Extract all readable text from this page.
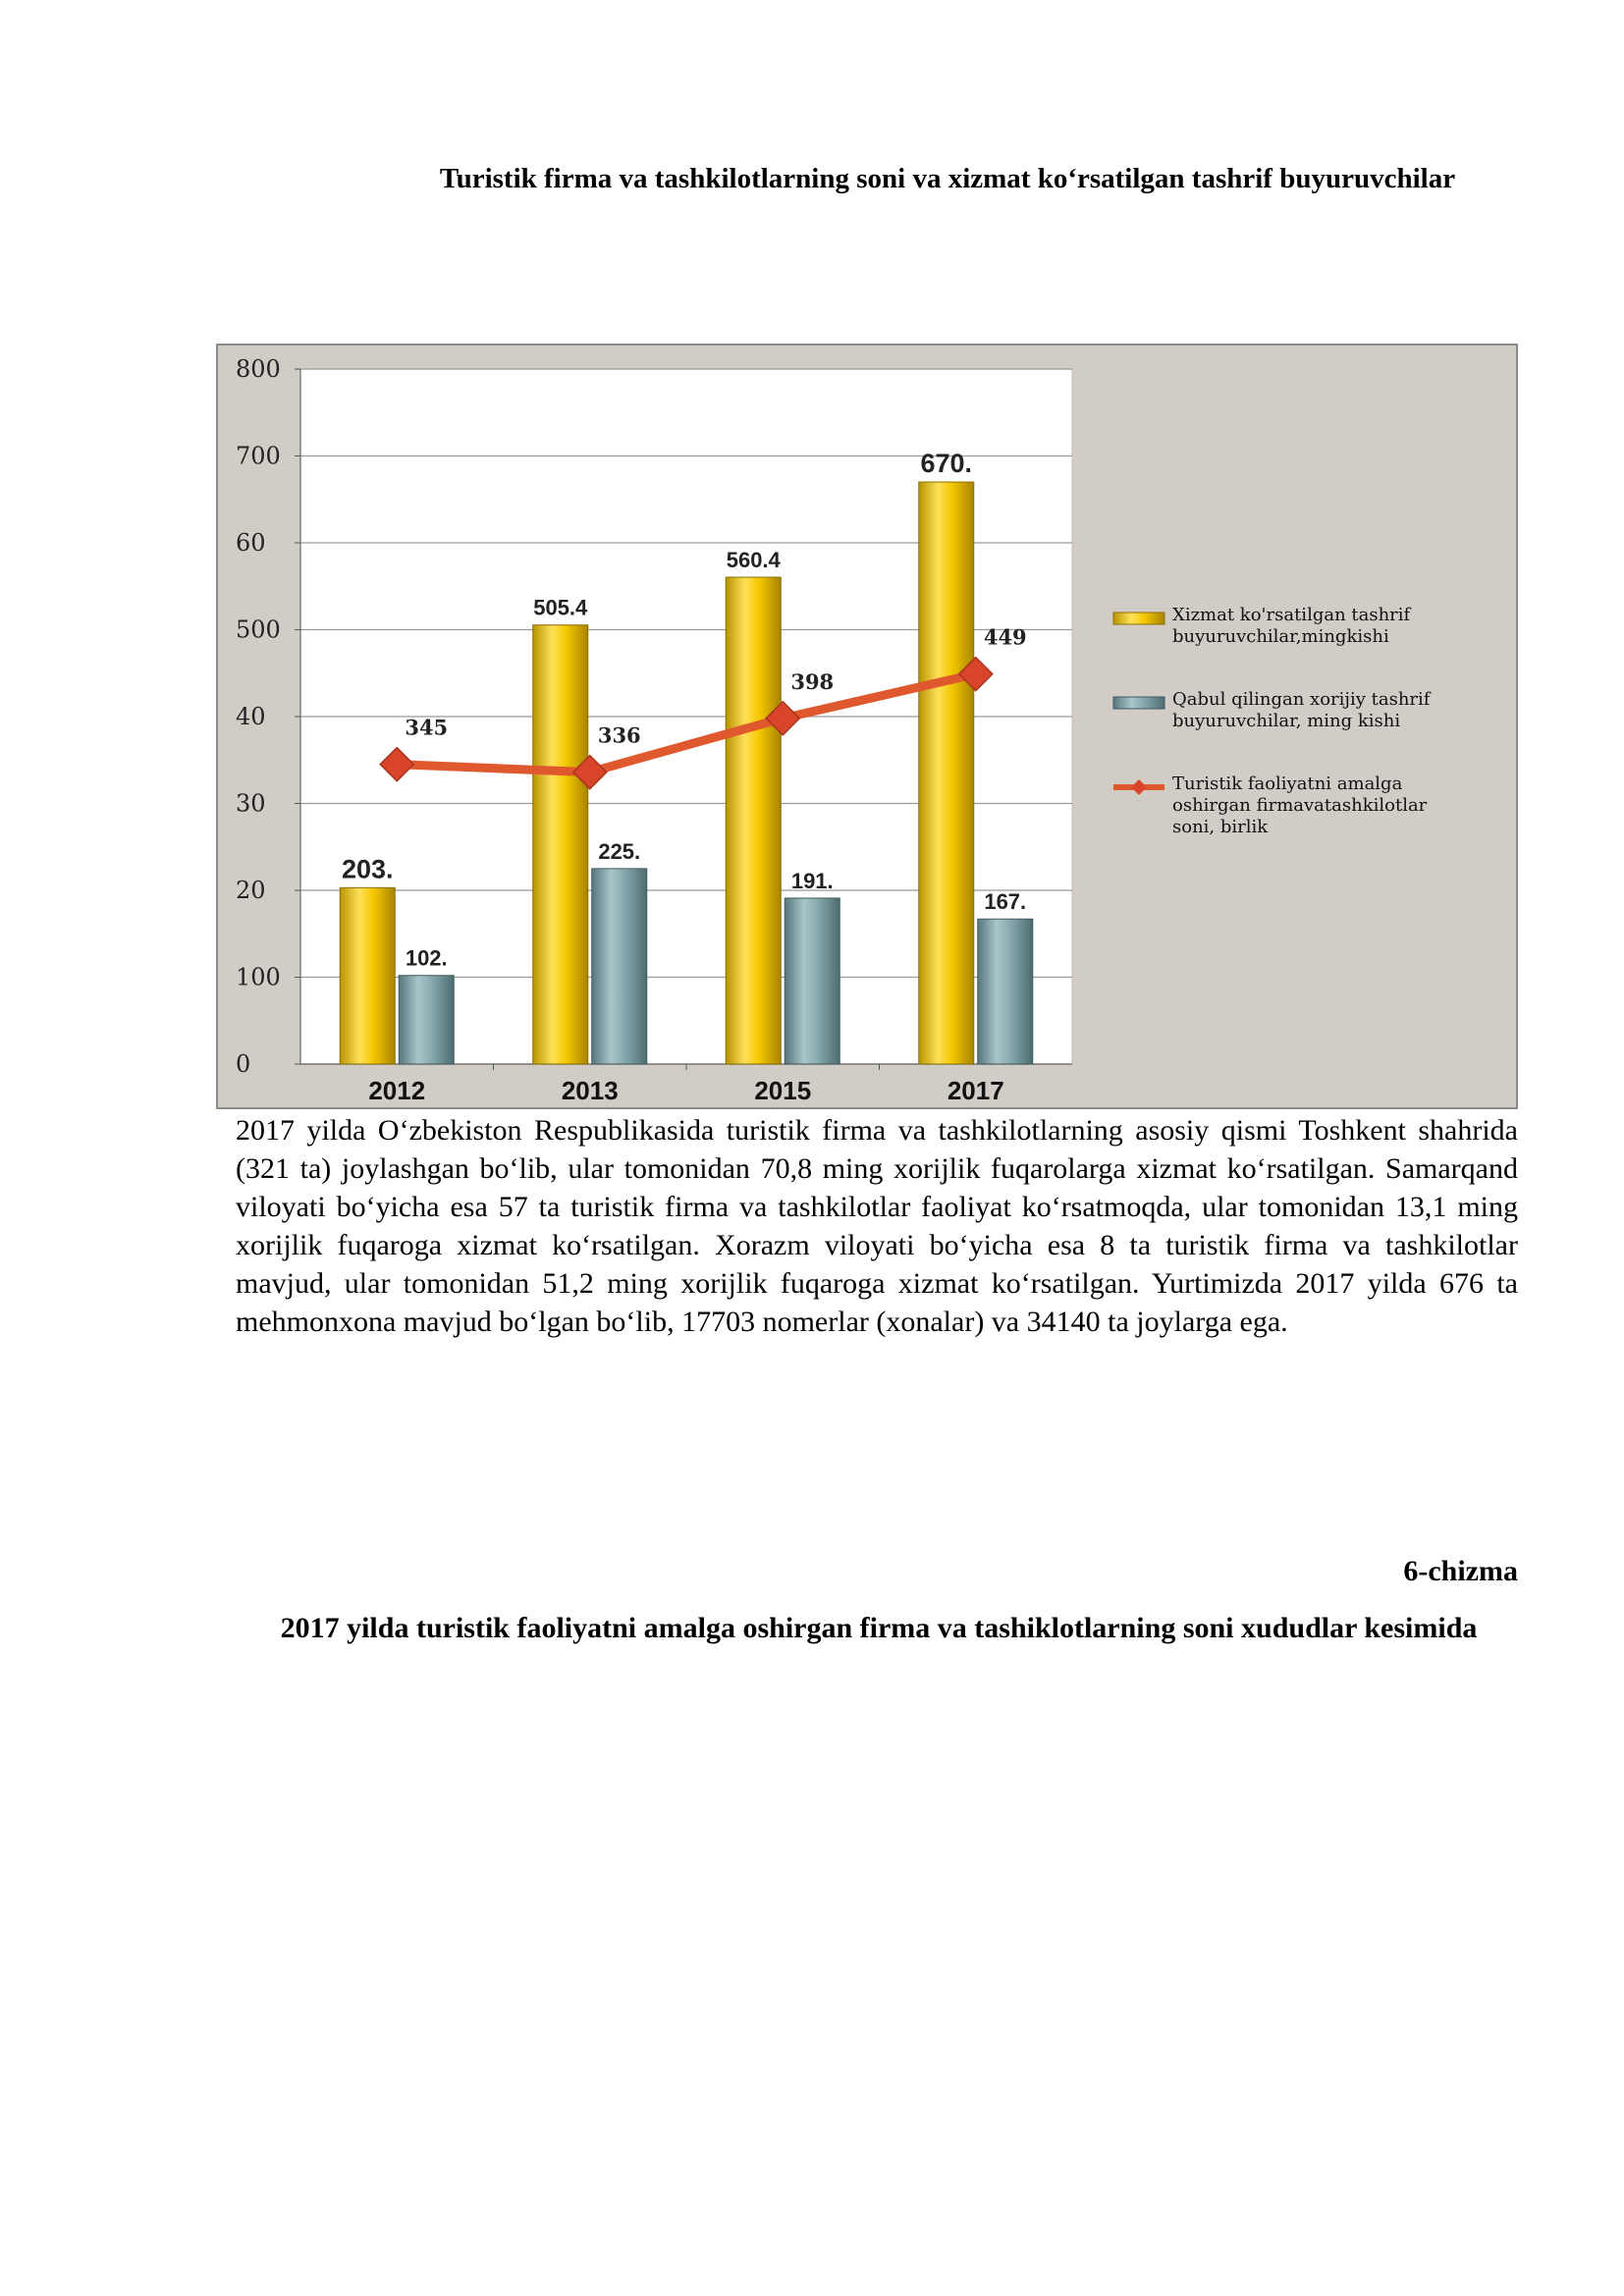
Turistik firma va tashkilotlarning soni va xizmat ko‘rsatilgan tashrif buyuruvchilar
0
100
20
30
40
500
60
700
800
2012
203.
102.
2013
505.4
225.
2015
560.4
191.
2017
670.
167.
345	336
398
449
Xizmat ko'rsatilgan tashrif
buyuruvchilar,mingkishi
Qabul qilingan xorijiy tashrif
buyuruvchilar, ming kishi
Turistik faoliyatni amalga
oshirgan firmavatashkilotlar
soni, birlik

2017 yilda O‘zbekiston Respublikasida turistik firma va tashkilotlarning asosiy qismi Toshkent shahrida (321 ta) joylashgan bo‘lib, ular tomonidan 70,8 ming xorijlik fuqarolarga xizmat ko‘rsatilgan. Samarqand viloyati bo‘yicha esa 57 ta turistik firma va tashkilotlar faoliyat ko‘rsatmoqda, ular tomonidan 13,1 ming xorijlik fuqaroga xizmat ko‘rsatilgan. Xorazm viloyati bo‘yicha esa 8 ta turistik firma va tashkilotlar mavjud, ular tomonidan 51,2 ming xorijlik fuqaroga xizmat ko‘rsatilgan. Yurtimizda 2017 yilda 676 ta mehmonxona mavjud bo‘lgan bo‘lib, 17703 nomerlar (xonalar) va 34140 ta joylarga ega.

6-chizma
2017 yilda turistik faoliyatni amalga oshirgan firma va tashiklotlarning soni xududlar kesimida
